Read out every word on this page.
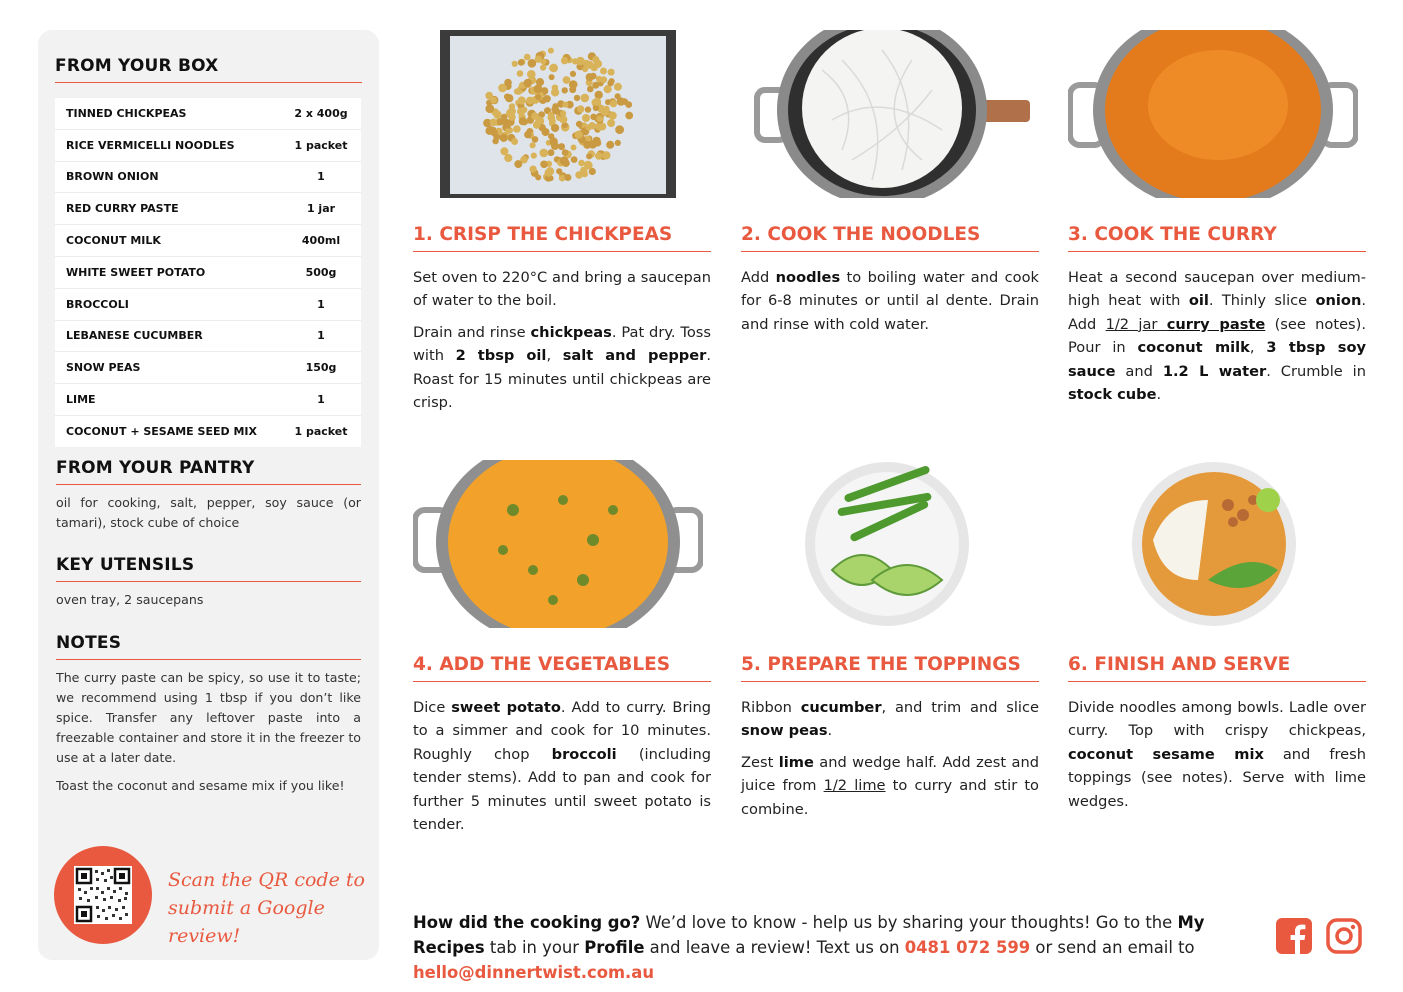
FROM YOUR BOX
TINNED CHICKPEAS	2 x 400g
RICE VERMICELLI NOODLES	1 packet
BROWN ONION	1
RED CURRY PASTE	1 jar
COCONUT MILK	400ml
WHITE SWEET POTATO	500g
BROCCOLI	1
LEBANESE CUCUMBER	1
SNOW PEAS	150g
LIME	1
COCONUT + SESAME SEED MIX	1 packet
FROM YOUR PANTRY
oil for cooking, salt, pepper, soy sauce (or tamari), stock cube of choice
KEY UTENSILS
oven tray, 2 saucepans
NOTES

The curry paste can be spicy, so use it to taste; we recommend using 1 tbsp if you don’t like spice. Transfer any leftover paste into a freezable container and store it in the freezer to use at a later date.

Toast the coconut and sesame mix if you like!

Scan the QR code to
submit a Google review!
1. CRISP THE CHICKPEAS

Set oven to 220°C and bring a saucepan of water to the boil.

Drain and rinse chickpeas. Pat dry. Toss with 2 tbsp oil, salt and pepper. Roast for 15 minutes until chickpeas are crisp.

2. COOK THE NOODLES

Add noodles to boiling water and cook for 6-8 minutes or until al dente. Drain and rinse with cold water.

3. COOK THE CURRY

Heat a second saucepan over medium-high heat with oil. Thinly slice onion. Add 1/2 jar curry paste (see notes). Pour in coconut milk, 3 tbsp soy sauce and 1.2 L water. Crumble in stock cube.

4. ADD THE VEGETABLES

Dice sweet potato. Add to curry. Bring to a simmer and cook for 10 minutes. Roughly chop broccoli (including tender stems). Add to pan and cook for further 5 minutes until sweet potato is tender.

5. PREPARE THE TOPPINGS

Ribbon cucumber, and trim and slice snow peas.

Zest lime and wedge half. Add zest and juice from 1/2 lime to curry and stir to combine.

6. FINISH AND SERVE

Divide noodles among bowls. Ladle over curry. Top with crispy chickpeas, coconut sesame mix and fresh toppings (see notes). Serve with lime wedges.

How did the cooking go? We’d love to know - help us by sharing your thoughts! Go to the My Recipes tab in your Profile and leave a review! Text us on 0481 072 599 or send an email to hello@dinnertwist.com.au
